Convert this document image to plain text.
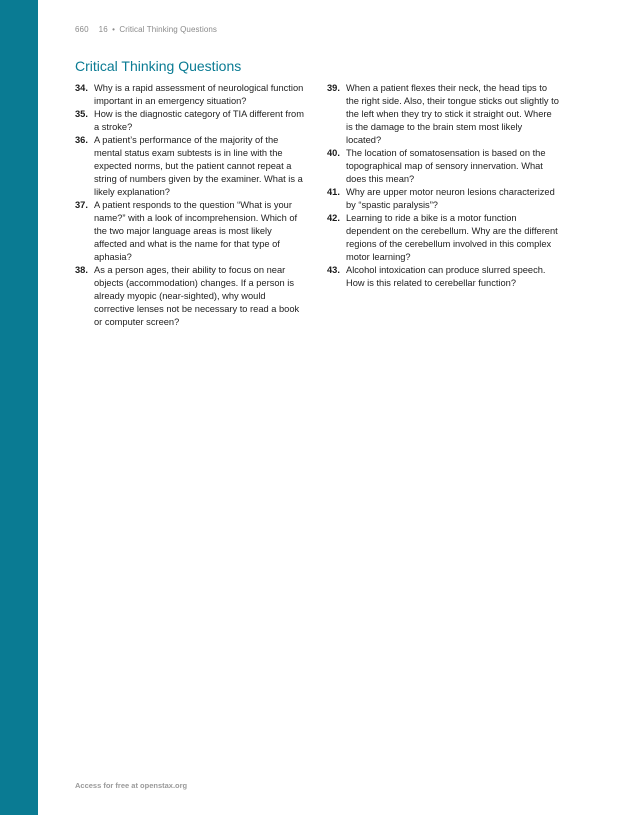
660 16 • Critical Thinking Questions
Critical Thinking Questions
34. Why is a rapid assessment of neurological function important in an emergency situation?
35. How is the diagnostic category of TIA different from a stroke?
36. A patient’s performance of the majority of the mental status exam subtests is in line with the expected norms, but the patient cannot repeat a string of numbers given by the examiner. What is a likely explanation?
37. A patient responds to the question “What is your name?” with a look of incomprehension. Which of the two major language areas is most likely affected and what is the name for that type of aphasia?
38. As a person ages, their ability to focus on near objects (accommodation) changes. If a person is already myopic (near-sighted), why would corrective lenses not be necessary to read a book or computer screen?
39. When a patient flexes their neck, the head tips to the right side. Also, their tongue sticks out slightly to the left when they try to stick it straight out. Where is the damage to the brain stem most likely located?
40. The location of somatosensation is based on the topographical map of sensory innervation. What does this mean?
41. Why are upper motor neuron lesions characterized by “spastic paralysis”?
42. Learning to ride a bike is a motor function dependent on the cerebellum. Why are the different regions of the cerebellum involved in this complex motor learning?
43. Alcohol intoxication can produce slurred speech. How is this related to cerebellar function?
Access for free at openstax.org
